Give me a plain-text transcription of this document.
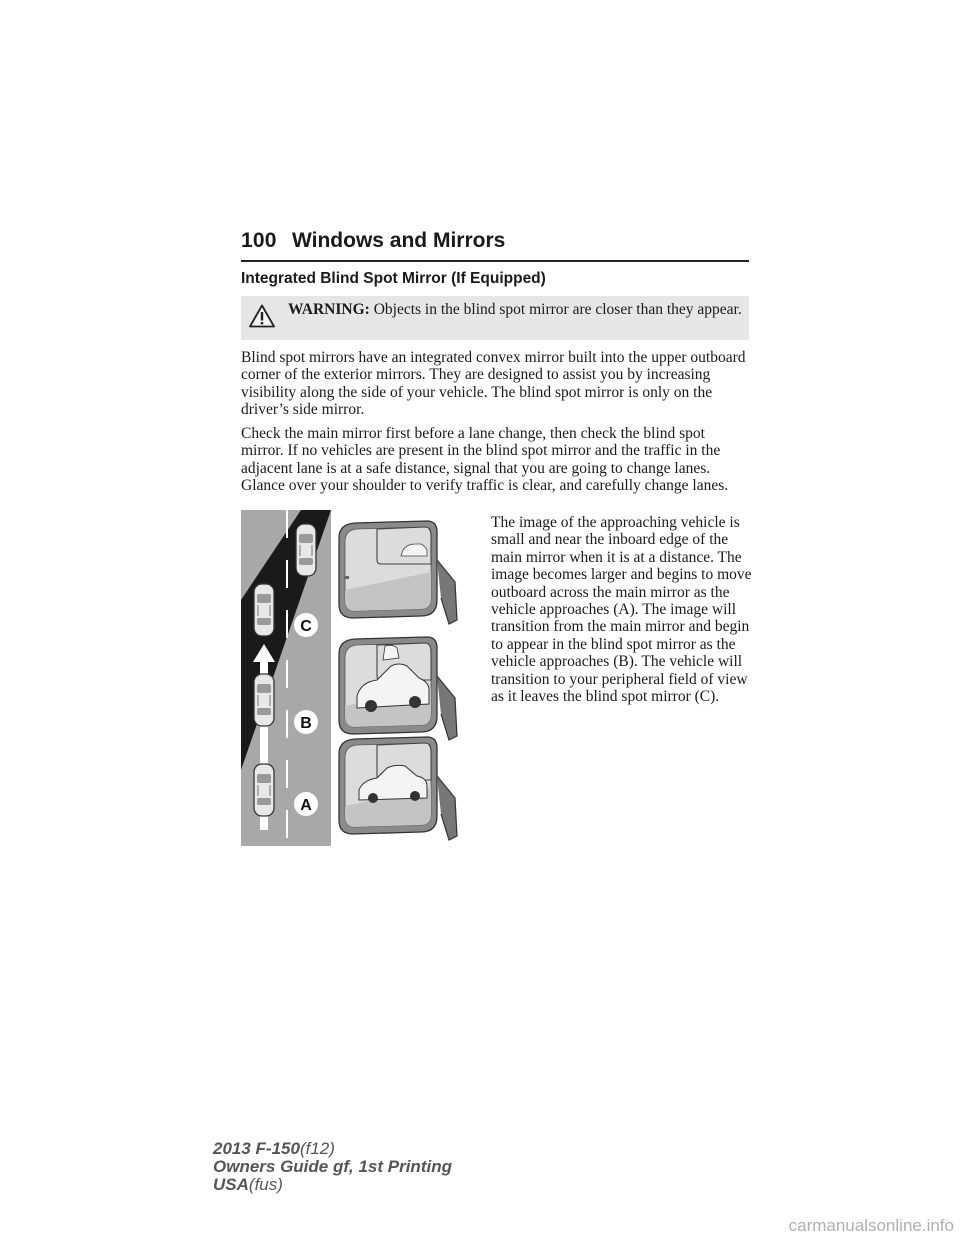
100 Windows and Mirrors
Integrated Blind Spot Mirror (If Equipped)
WARNING: Objects in the blind spot mirror are closer than they appear.

Blind spot mirrors have an integrated convex mirror built into the upper outboard corner of the exterior mirrors. They are designed to assist you by increasing visibility along the side of your vehicle. The blind spot mirror is only on the driver’s side mirror.

Check the main mirror first before a lane change, then check the blind spot mirror. If no vehicles are present in the blind spot mirror and the traffic in the adjacent lane is at a safe distance, signal that you are going to change lanes. Glance over your shoulder to verify traffic is clear, and carefully change lanes.

The image of the approaching vehicle is small and near the inboard edge of the main mirror when it is at a distance. The image becomes larger and begins to move outboard across the main mirror as the vehicle approaches (A). The image will transition from the main mirror and begin to appear in the blind spot mirror as the vehicle approaches (B). The vehicle will transition to your peripheral field of view as it leaves the blind spot mirror (C).

C
B
A
2013 F-150(f12)
Owners Guide gf, 1st Printing
USA(fus)
carmanualsonline.info
